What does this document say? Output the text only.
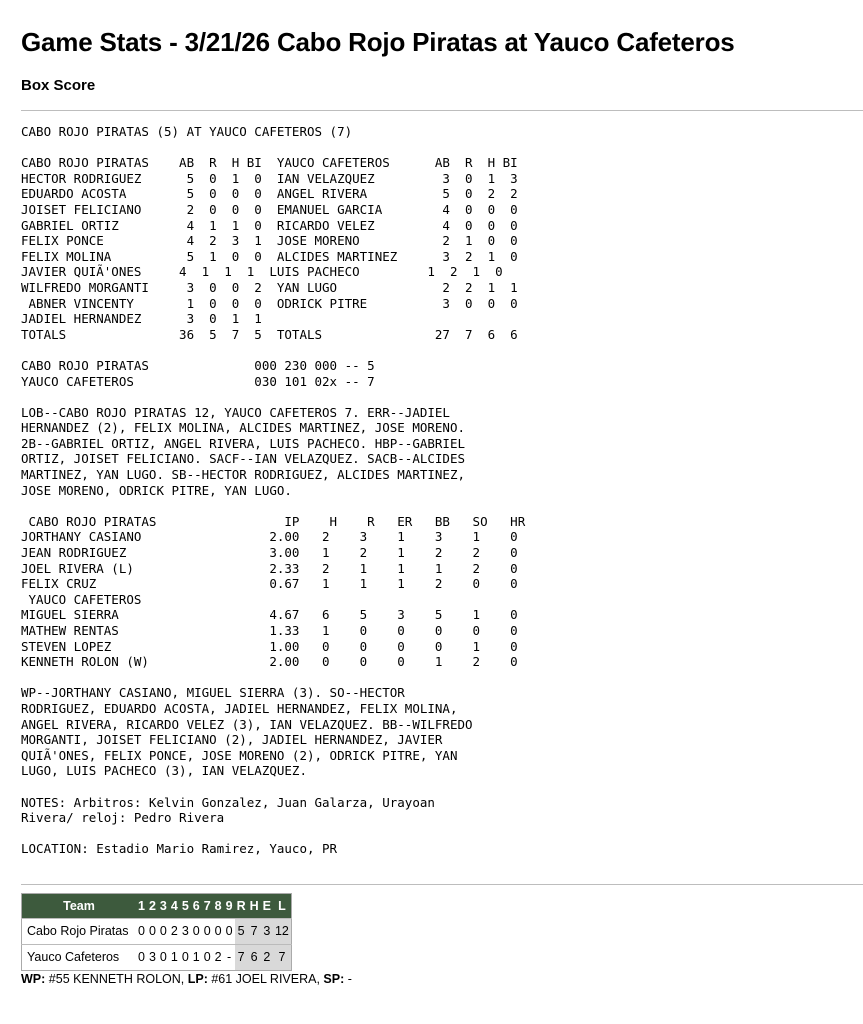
Game Stats - 3/21/26 Cabo Rojo Piratas at Yauco Cafeteros
Box Score
CABO ROJO PIRATAS (5) AT YAUCO CAFETEROS (7)

CABO ROJO PIRATAS    AB  R  H BI  YAUCO CAFETEROS      AB  R  H BI
HECTOR RODRIGUEZ      5  0  1  0  IAN VELAZQUEZ         3  0  1  3
EDUARDO ACOSTA        5  0  0  0  ANGEL RIVERA          5  0  2  2
JOISET FELICIANO      2  0  0  0  EMANUEL GARCIA        4  0  0  0
GABRIEL ORTIZ         4  1  1  0  RICARDO VELEZ         4  0  0  0
FELIX PONCE           4  2  3  1  JOSE MORENO           2  1  0  0
FELIX MOLINA          5  1  0  0  ALCIDES MARTINEZ      3  2  1  0
JAVIER QUIÃ'ONES     4  1  1  1  LUIS PACHECO         1  2  1  0
WILFREDO MORGANTI     3  0  0  2  YAN LUGO              2  2  1  1
ABNER VINCENTY       1  0  0  0  ODRICK PITRE          3  0  0  0
JADIEL HERNANDEZ      3  0  1  1
TOTALS               36  5  7  5  TOTALS               27  7  6  6

CABO ROJO PIRATAS              000 230 000 -- 5
YAUCO CAFETEROS                030 101 02x -- 7

LOB--CABO ROJO PIRATAS 12, YAUCO CAFETEROS 7. ERR--JADIEL
HERNANDEZ (2), FELIX MOLINA, ALCIDES MARTINEZ, JOSE MORENO.
2B--GABRIEL ORTIZ, ANGEL RIVERA, LUIS PACHECO. HBP--GABRIEL
ORTIZ, JOISET FELICIANO. SACF--IAN VELAZQUEZ. SACB--ALCIDES
MARTINEZ, YAN LUGO. SB--HECTOR RODRIGUEZ, ALCIDES MARTINEZ,
JOSE MORENO, ODRICK PITRE, YAN LUGO.

CABO ROJO PIRATAS                 IP    H    R   ER   BB   SO   HR
JORTHANY CASIANO                 2.00   2    3    1    3    1    0
JEAN RODRIGUEZ                   3.00   1    2    1    2    2    0
JOEL RIVERA (L)                  2.33   2    1    1    1    2    0
FELIX CRUZ                       0.67   1    1    1    2    0    0
YAUCO CAFETEROS
MIGUEL SIERRA                    4.67   6    5    3    5    1    0
MATHEW RENTAS                    1.33   1    0    0    0    0    0
STEVEN LOPEZ                     1.00   0    0    0    0    1    0
KENNETH ROLON (W)                2.00   0    0    0    1    2    0

WP--JORTHANY CASIANO, MIGUEL SIERRA (3). SO--HECTOR
RODRIGUEZ, EDUARDO ACOSTA, JADIEL HERNANDEZ, FELIX MOLINA,
ANGEL RIVERA, RICARDO VELEZ (3), IAN VELAZQUEZ. BB--WILFREDO
MORGANTI, JOISET FELICIANO (2), JADIEL HERNANDEZ, JAVIER
QUIÃ'ONES, FELIX PONCE, JOSE MORENO (2), ODRICK PITRE, YAN
LUGO, LUIS PACHECO (3), IAN VELAZQUEZ.

NOTES: Arbitros: Kelvin Gonzalez, Juan Galarza, Urayoan
Rivera/ reloj: Pedro Rivera

LOCATION: Estadio Mario Ramirez, Yauco, PR
Team	1	2	3	4	5	6	7	8	9	R	H	E	L
Cabo Rojo Piratas	0	0	0	2	3	0	0	0	0	5	7	3	12
Yauco Cafeteros	0	3	0	1	0	1	0	2	-	7	6	2	7
WP: #55 KENNETH ROLON, LP: #61 JOEL RIVERA, SP: -
